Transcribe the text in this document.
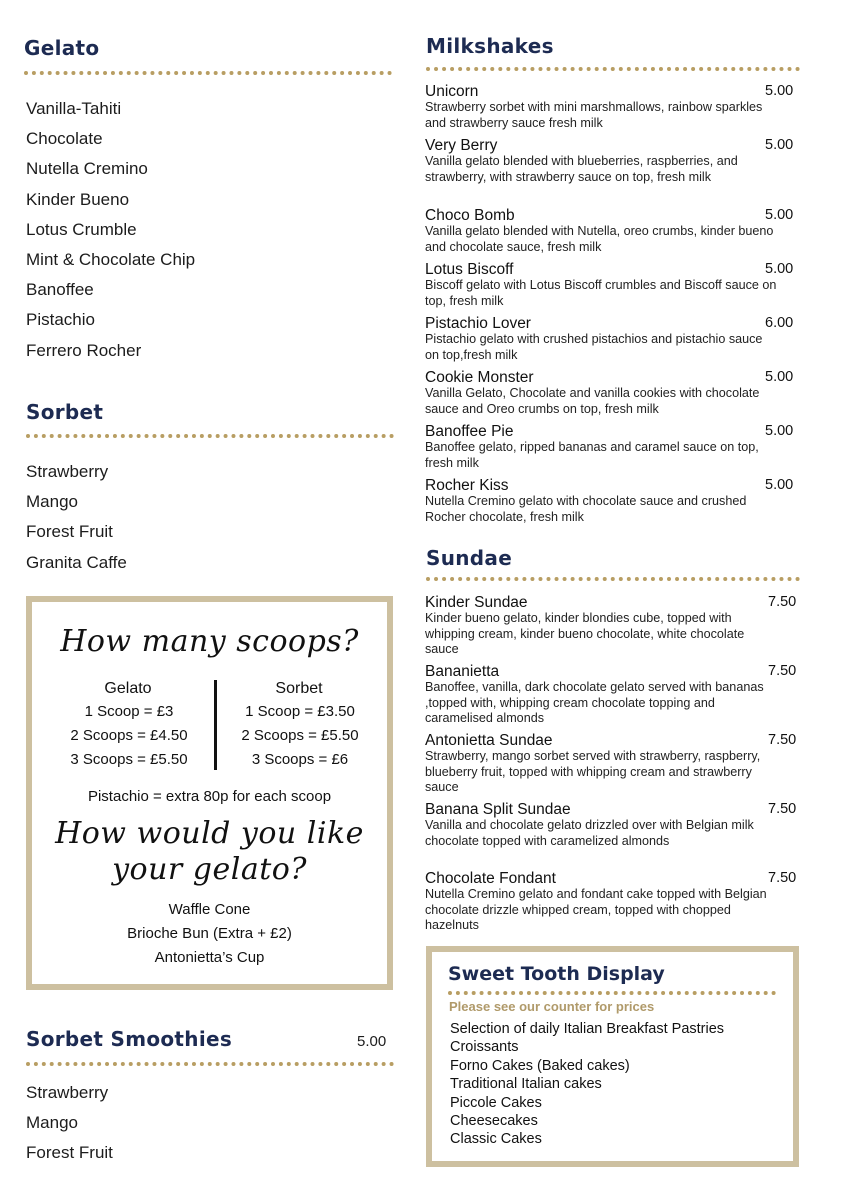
Gelato
Vanilla-Tahiti
Chocolate
Nutella Cremino
Kinder Bueno
Lotus Crumble
Mint & Chocolate Chip
Banoffee
Pistachio
Ferrero Rocher
Sorbet
Strawberry
Mango
Forest Fruit
Granita Caffe
How many scoops?
Gelato	Sorbet
1 Scoop = £3
2 Scoops = £4.50
3 Scoops = £5.50
1 Scoop = £3.50
2 Scoops = £5.50
3 Scoops = £6
Pistachio = extra 80p for each scoop
How would you like
your gelato?
Waffle Cone
Brioche Bun (Extra + £2)
Antonietta’s Cup
Sorbet Smoothies	5.00
Strawberry
Mango
Forest Fruit
Milkshakes
Unicorn
Strawberry sorbet with mini marshmallows, rainbow sparkles and strawberry sauce fresh milk
5.00
Very Berry
Vanilla gelato blended with blueberries, raspberries, and strawberry, with strawberry sauce on top, fresh milk
5.00
Choco Bomb
Vanilla gelato blended with Nutella, oreo crumbs, kinder bueno and chocolate sauce, fresh milk
5.00
Lotus Biscoff
Biscoff gelato with Lotus Biscoff crumbles and Biscoff sauce on top, fresh milk
5.00
Pistachio Lover
Pistachio gelato with crushed pistachios and pistachio sauce on top,fresh milk
6.00
Cookie Monster
Vanilla Gelato, Chocolate and vanilla cookies with chocolate sauce and Oreo crumbs on top, fresh milk
5.00
Banoffee Pie
Banoffee gelato, ripped bananas and caramel sauce on top, fresh milk
5.00
Rocher Kiss
Nutella Cremino gelato with chocolate sauce and crushed Rocher chocolate, fresh milk
5.00
Sundae
Kinder Sundae
Kinder bueno gelato, kinder blondies cube, topped with whipping cream, kinder bueno chocolate, white chocolate sauce
7.50
Bananietta
Banoffee, vanilla, dark chocolate gelato served with bananas ,topped with, whipping cream chocolate topping and caramelised almonds
7.50
Antonietta Sundae
Strawberry, mango sorbet served with strawberry, raspberry, blueberry fruit, topped with whipping cream and strawberry sauce
7.50
Banana Split Sundae
Vanilla and chocolate gelato drizzled over with Belgian milk chocolate topped with caramelized almonds
7.50
Chocolate Fondant
Nutella Cremino gelato and fondant cake topped with Belgian chocolate drizzle whipped cream, topped with chopped hazelnuts
7.50
Sweet Tooth Display
Please see our counter for prices
Selection of daily Italian Breakfast Pastries
Croissants
Forno Cakes (Baked cakes)
Traditional Italian cakes
Piccole Cakes
Cheesecakes
Classic Cakes
